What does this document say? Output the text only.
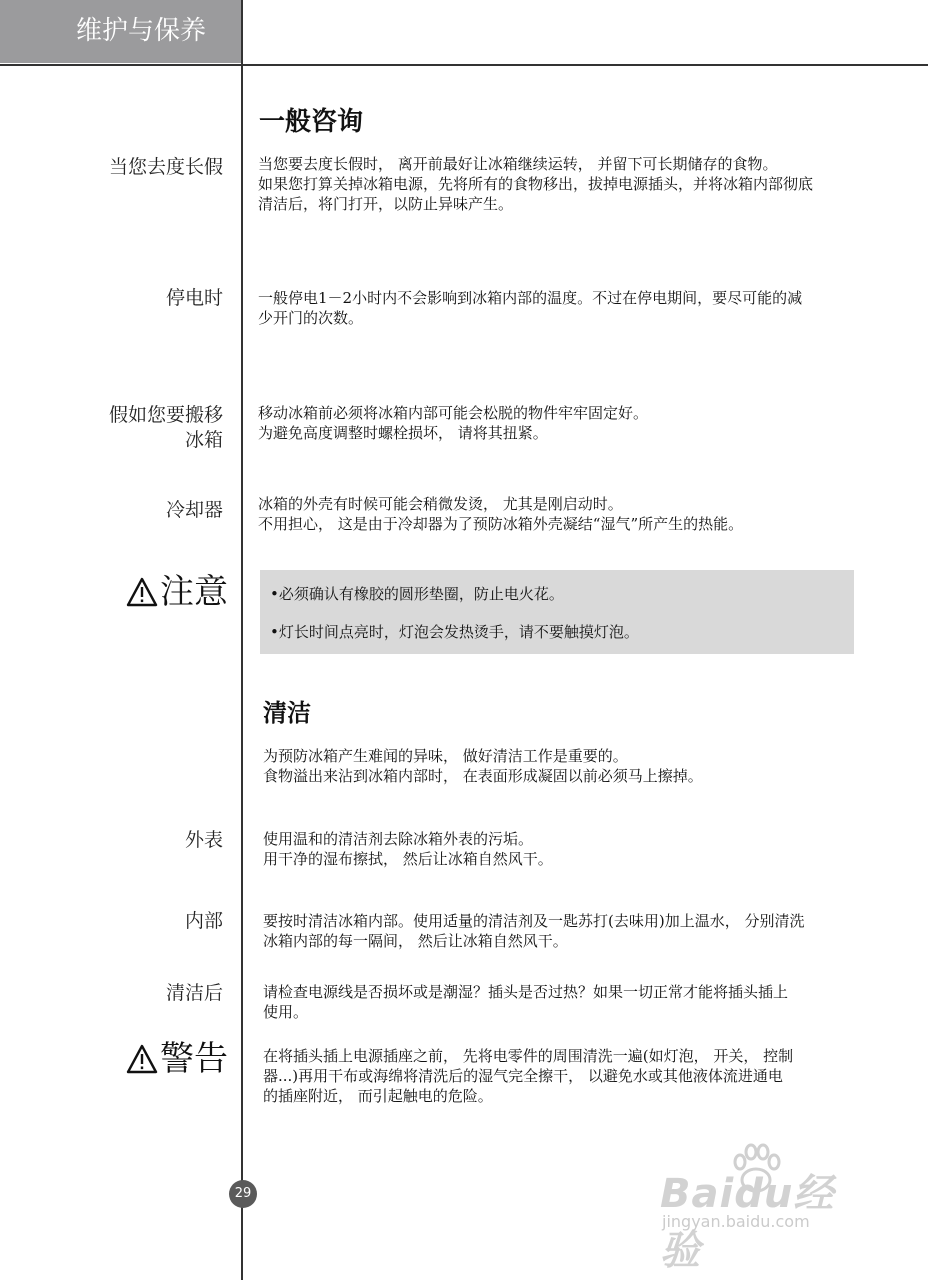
维护与保养
一般咨询
当您去度长假 当您要去度长假时， 离开前最好让冰箱继续运转， 并留下可长期储存的食物。

如果您打算关掉冰箱电源，先将所有的食物移出，拔掉电源插头，并将冰箱内部彻底

清洁后，将门打开，以防止异味产生。

停电时 一般停电1－2小时内不会影响到冰箱内部的温度。不过在停电期间，要尽可能的减

少开门的次数。

假如您要搬移
冰箱

移动冰箱前必须将冰箱内部可能会松脱的物件牢牢固定好。

为避免高度调整时螺栓损坏， 请将其扭紧。

冷却器 冰箱的外壳有时候可能会稍微发烫， 尤其是刚启动时。

不用担心， 这是由于冷却器为了预防冰箱外壳凝结“湿气”所产生的热能。

注意	•必须确认有橡胶的圆形垫圈，防止电火花。
•灯长时间点亮时，灯泡会发热烫手，请不要触摸灯泡。
清洁

为预防冰箱产生难闻的异味， 做好清洁工作是重要的。

食物溢出来沾到冰箱内部时， 在表面形成凝固以前必须马上擦掉。

外表	使用温和的清洁剂去除冰箱外表的污垢。

用干净的湿布擦拭， 然后让冰箱自然风干。

内部	要按时清洁冰箱内部。使用适量的清洁剂及一匙苏打(去味用)加上温水， 分别清洗

冰箱内部的每一隔间， 然后让冰箱自然风干。

清洁后	请检查电源线是否损坏或是潮湿？插头是否过热？如果一切正常才能将插头插上

使用。

警告 在将插头插上电源插座之前， 先将电零件的周围清洗一遍(如灯泡， 开关， 控制

器...)再用干布或海绵将清洗后的湿气完全擦干， 以避免水或其他液体流进通电

的插座附近， 而引起触电的危险。

29	Baidu经验
jingyan.baidu.com
